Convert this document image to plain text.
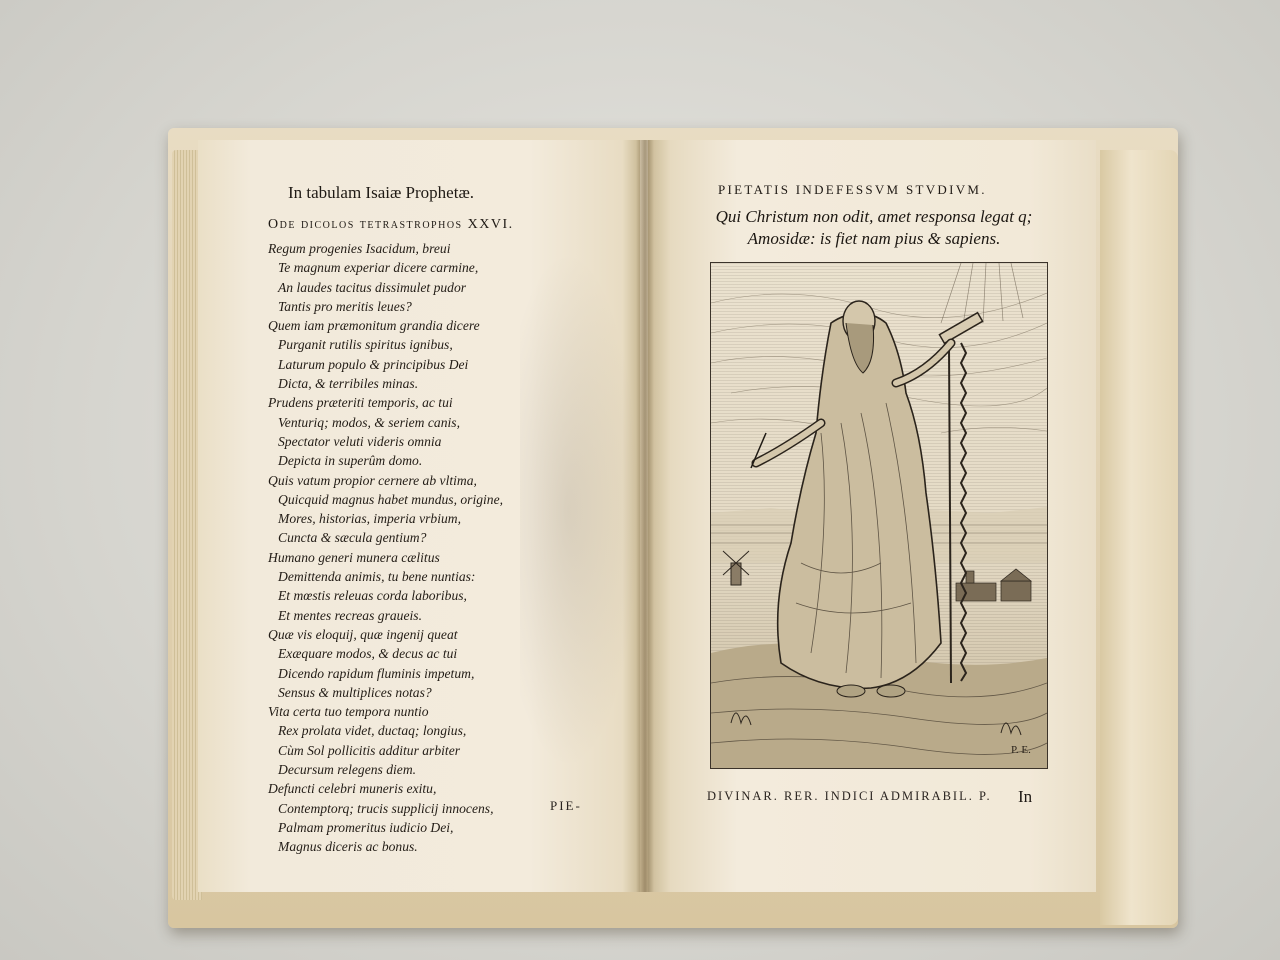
In tabulam Isaiæ Prophetæ.
Ode dicolos tetrastrophos XXVI.
Regum progenies Isacidum, breui
Te magnum experiar dicere carmine,
An laudes tacitus dissimulet pudor
Tantis pro meritis leues?
Quem iam præmonitum grandia dicere
Purganit rutilis spiritus ignibus,
Laturum populo & principibus Dei
Dicta, & terribiles minas.
Prudens præteriti temporis, ac tui
Venturiq; modos, & seriem canis,
Spectator veluti videris omnia
Depicta in superûm domo.
Quis vatum propior cernere ab vltima,
Quicquid magnus habet mundus, origine,
Mores, historias, imperia vrbium,
Cuncta & sæcula gentium?
Humano generi munera cælitus
Demittenda animis, tu bene nuntias:
Et mœstis releuas corda laboribus,
Et mentes recreas graueis.
Quæ vis eloquij, quæ ingenij queat
Exæquare modos, & decus ac tui
Dicendo rapidum fluminis impetum,
Sensus & multiplices notas?
Vita certa tuo tempora nuntio
Rex prolata videt, ductaq; longius,
Cùm Sol pollicitis additur arbiter
Decursum relegens diem.
Defuncti celebri muneris exitu,
Contemptorq; trucis supplicij innocens,
Palmam promeritus iudicio Dei,
Magnus diceris ac bonus.
PIE-
PIETATIS INDEFESSVM STVDIVM.
Qui Christum non odit, amet responsa legat q;
Amosidæ: is fiet nam pius & sapiens.
P. E.
DIVINAR. RER. INDICI ADMIRABIL. P.	In
